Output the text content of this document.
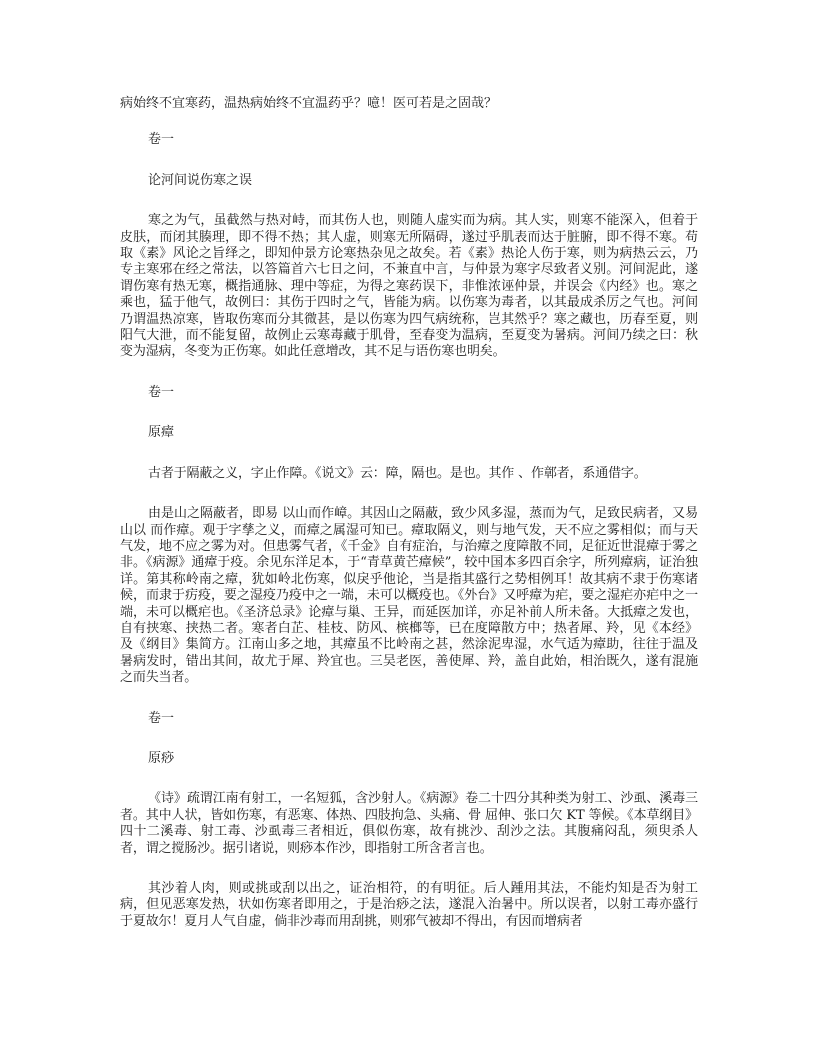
病始终不宜寒药，温热病始终不宜温药乎？噫！医可若是之固哉？

卷一

论河间说伤寒之误

寒之为气，虽截然与热对峙，而其伤人也，则随人虚实而为病。其人实，则寒不能深入，但着于皮肤，而闭其腠理，即不得不热；其人虚，则寒无所隔碍，遂过乎肌表而达于脏腑，即不得不寒。苟取《素》风论之旨绎之，即知仲景方论寒热杂见之故矣。若《素》热论人伤于寒，则为病热云云，乃专主寒邪在经之常法，以答篇首六七日之问，不兼直中言，与仲景为寒字尽致者义别。河间泥此，遂谓伤寒有热无寒，概指通脉、理中等症，为得之寒药误下，非惟浓诬仲景，并误会《内经》也。寒之乘也，猛于他气，故例曰：其伤于四时之气，皆能为病。以伤寒为毒者，以其最成杀厉之气也。河间乃谓温热凉寒，皆取伤寒而分其微甚，是以伤寒为四气病统称，岂其然乎？寒之藏也，历春至夏，则阳气大泄，而不能复留，故例止云寒毒藏于肌骨，至春变为温病，至夏变为暑病。河间乃续之曰：秋变为湿病，冬变为正伤寒。如此任意增改，其不足与语伤寒也明矣。

卷一

原瘴

古者于隔蔽之义，字止作障。《说文》云：障，隔也。是也。其作 、作鄣者，系通借字。

由是山之隔蔽者，即易 以山而作嶂。其因山之隔蔽，致少风多湿，蒸而为气，足致民病者，又易山以 而作瘴。观于字孳之义，而瘴之属湿可知已。瘴取隔义，则与地气发，天不应之雾相似；而与天气发，地不应之雾为对。但患雾气者，《千金》自有症治，与治瘴之度障散不同，足征近世混瘴于雾之非。《病源》通瘴于疫。余见东洋足本，于“青草黄芒瘴候”，较中国本多四百余字，所列瘴病，证治独详。第其称岭南之瘴，犹如岭北伤寒，似戾乎他论，当是指其盛行之势相例耳！故其病不隶于伤寒诸候，而隶于疠疫，要之湿疫乃疫中之一端，未可以概疫也。《外台》又呼瘴为疟，要之湿疟亦疟中之一端，未可以概疟也。《圣济总录》论瘴与巢、王异，而延医加详，亦足补前人所未备。大抵瘴之发也，自有挟寒、挟热二者。寒者白芷、桂枝、防风、槟榔等，已在度障散方中；热者犀、羚，见《本经》及《纲目》集简方。江南山多之地，其瘴虽不比岭南之甚，然涂泥卑湿，水气适为瘴助，往往于温及暑病发时，错出其间，故尤于犀、羚宜也。三吴老医，善使犀、羚，盖自此始，相治既久，遂有混施之而失当者。

卷一

原痧

《诗》疏谓江南有射工，一名短狐，含沙射人。《病源》卷二十四分其种类为射工、沙虱、溪毒三者。其中人状，皆如伤寒，有恶寒、体热、四肢拘急、头痛、骨 屈伸、张口欠 KT 等候。《本草纲目》四十二溪毒、射工毒、沙虱毒三者相近，俱似伤寒，故有挑沙、刮沙之法。其腹痛闷乱，须臾杀人者，谓之搅肠沙。据引诸说，则痧本作沙，即指射工所含者言也。

其沙着人肉，则或挑或刮以出之，证治相符，的有明征。后人踵用其法，不能灼知是否为射工病，但见恶寒发热，状如伤寒者即用之，于是治痧之法，遂混入治暑中。所以误者，以射工毒亦盛行于夏故尔！夏月人气自虚，倘非沙毒而用刮挑，则邪气被却不得出，有因而增病者
